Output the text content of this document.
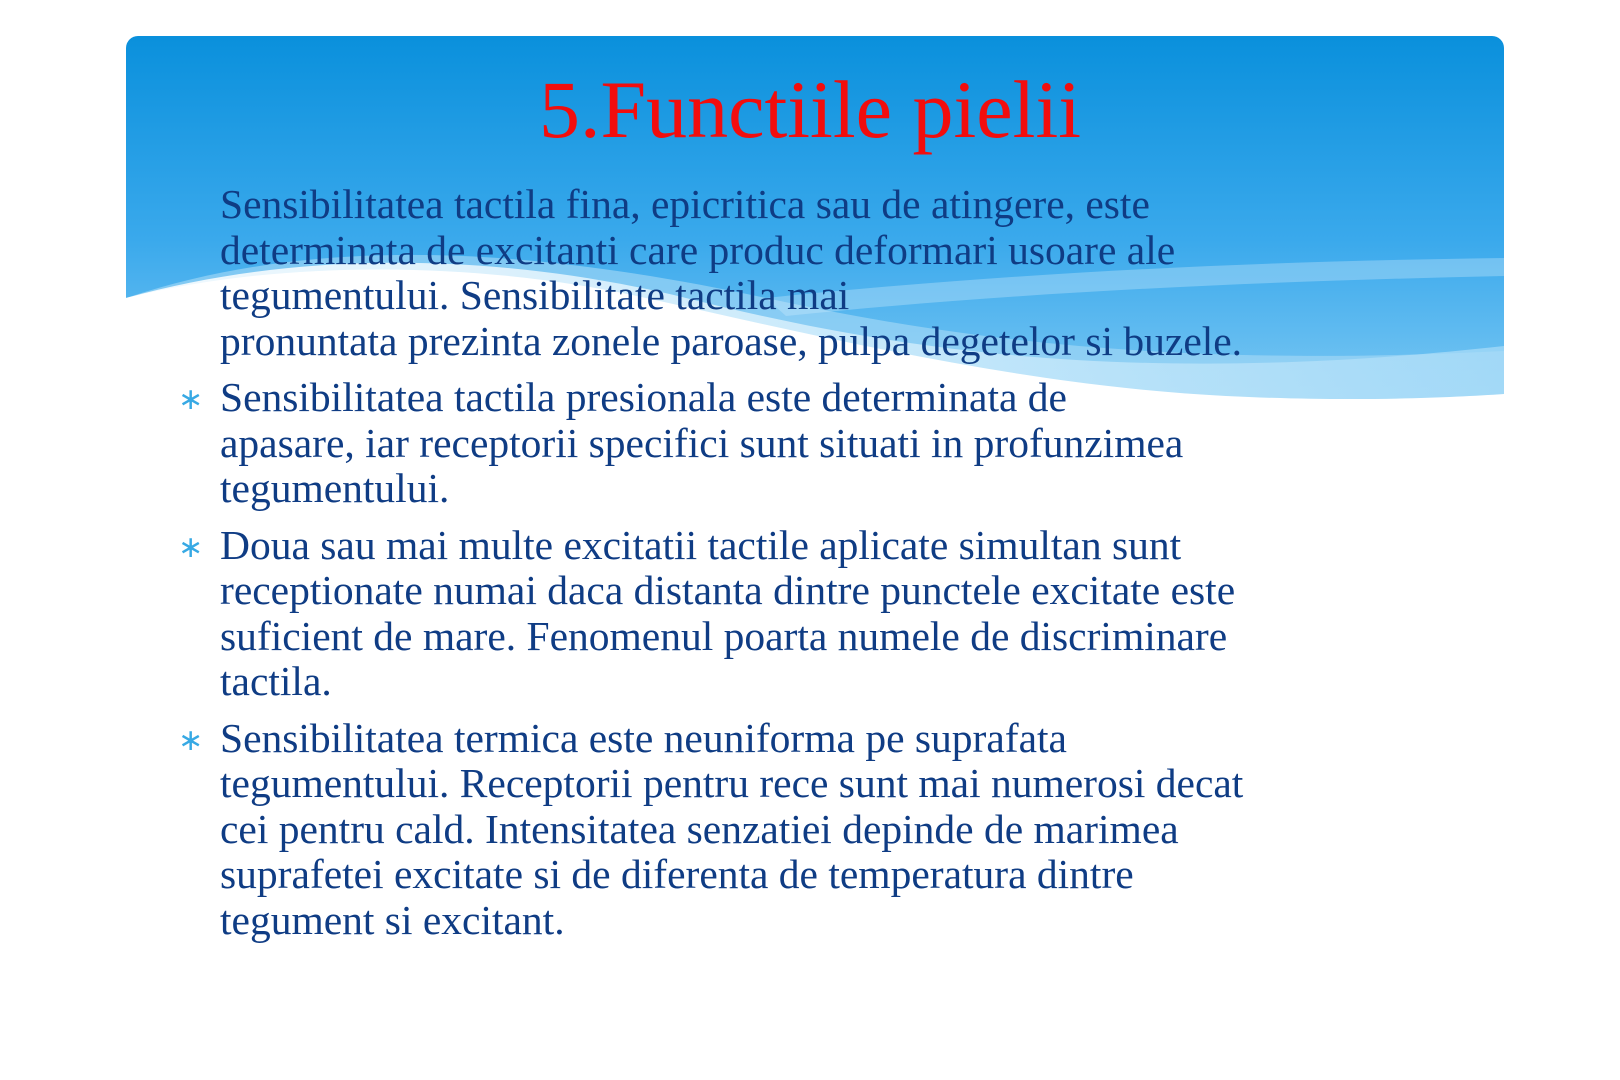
5.Functiile pielii
Sensibilitatea tactila fina, epicritica sau de atingere, este
determinata de excitanti care produc deformari usoare ale
tegumentului. Sensibilitate tactila mai
pronuntata prezinta zonele paroase, pulpa degetelor si buzele.
∗ Sensibilitatea tactila presionala este determinata de
apasare, iar receptorii specifici sunt situati in profunzimea
tegumentului.
∗ Doua sau mai multe excitatii tactile aplicate simultan sunt
receptionate numai daca distanta dintre punctele excitate este
suficient de mare. Fenomenul poarta numele de discriminare
tactila.
∗ Sensibilitatea termica este neuniforma pe suprafata
tegumentului. Receptorii pentru rece sunt mai numerosi decat
cei pentru cald. Intensitatea senzatiei depinde de marimea
suprafetei excitate si de diferenta de temperatura dintre
tegument si excitant.
